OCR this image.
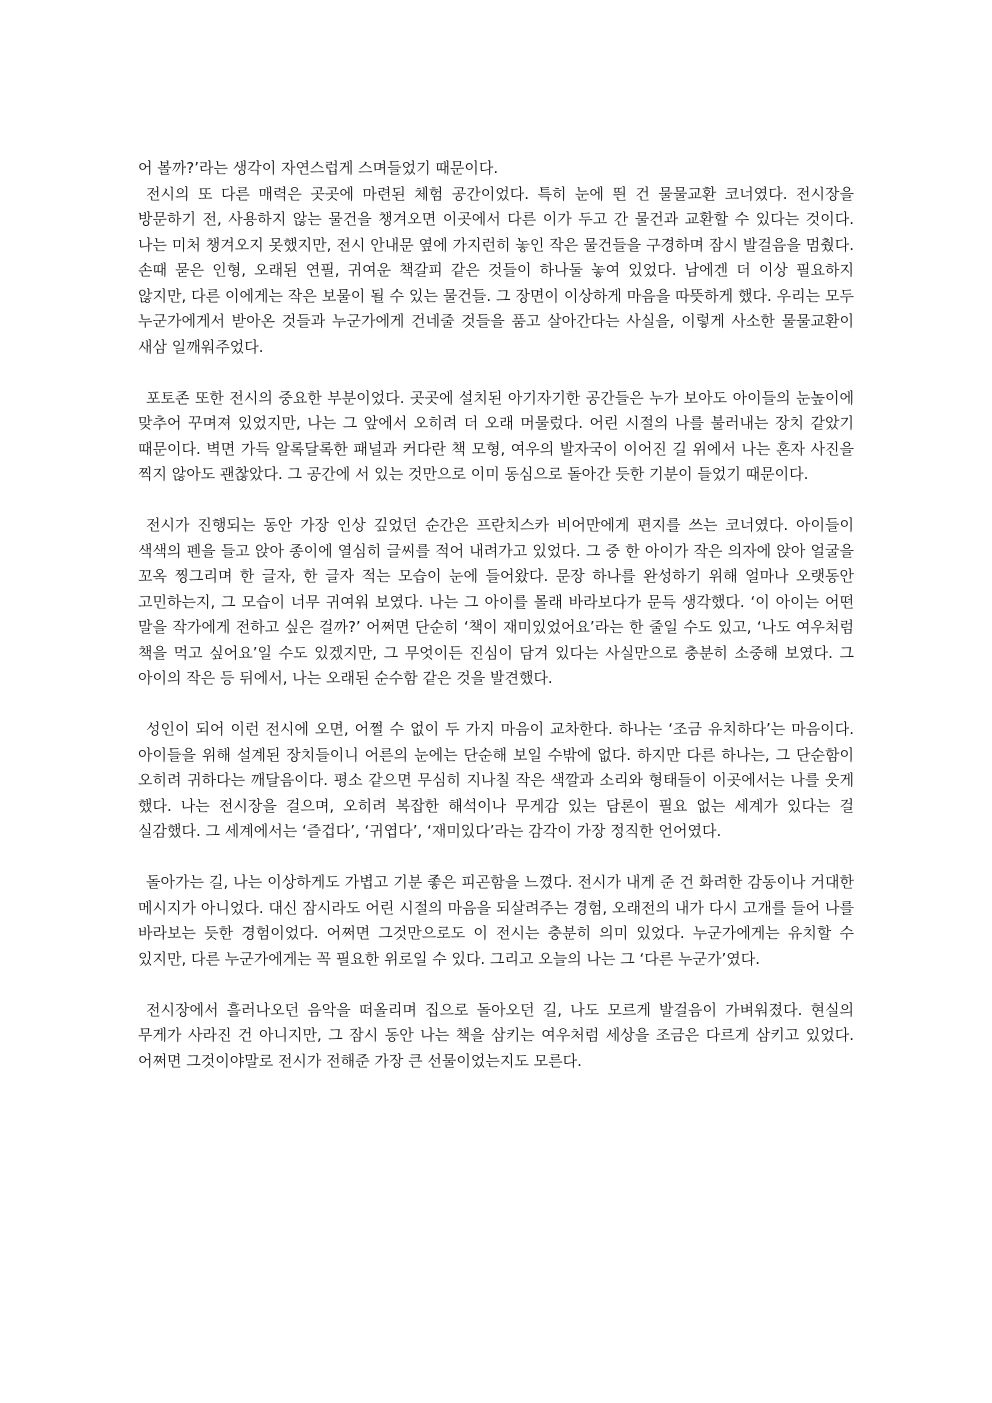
어 볼까?’라는 생각이 자연스럽게 스며들었기 때문이다.

전시의 또 다른 매력은 곳곳에 마련된 체험 공간이었다. 특히 눈에 띈 건 물물교환 코너였다. 전시장을 방문하기 전, 사용하지 않는 물건을 챙겨오면 이곳에서 다른 이가 두고 간 물건과 교환할 수 있다는 것이다. 나는 미처 챙겨오지 못했지만, 전시 안내문 옆에 가지런히 놓인 작은 물건들을 구경하며 잠시 발걸음을 멈췄다. 손때 묻은 인형, 오래된 연필, 귀여운 책갈피 같은 것들이 하나둘 놓여 있었다. 남에겐 더 이상 필요하지 않지만, 다른 이에게는 작은 보물이 될 수 있는 물건들. 그 장면이 이상하게 마음을 따뜻하게 했다. 우리는 모두 누군가에게서 받아온 것들과 누군가에게 건네줄 것들을 품고 살아간다는 사실을, 이렇게 사소한 물물교환이 새삼 일깨워주었다.

포토존 또한 전시의 중요한 부분이었다. 곳곳에 설치된 아기자기한 공간들은 누가 보아도 아이들의 눈높이에 맞추어 꾸며져 있었지만, 나는 그 앞에서 오히려 더 오래 머물렀다. 어린 시절의 나를 불러내는 장치 같았기 때문이다. 벽면 가득 알록달록한 패널과 커다란 책 모형, 여우의 발자국이 이어진 길 위에서 나는 혼자 사진을 찍지 않아도 괜찮았다. 그 공간에 서 있는 것만으로 이미 동심으로 돌아간 듯한 기분이 들었기 때문이다.

전시가 진행되는 동안 가장 인상 깊었던 순간은 프란치스카 비어만에게 편지를 쓰는 코너였다. 아이들이 색색의 펜을 들고 앉아 종이에 열심히 글씨를 적어 내려가고 있었다. 그 중 한 아이가 작은 의자에 앉아 얼굴을 꼬옥 찡그리며 한 글자, 한 글자 적는 모습이 눈에 들어왔다. 문장 하나를 완성하기 위해 얼마나 오랫동안 고민하는지, 그 모습이 너무 귀여워 보였다. 나는 그 아이를 몰래 바라보다가 문득 생각했다. ‘이 아이는 어떤 말을 작가에게 전하고 싶은 걸까?’ 어쩌면 단순히 ‘책이 재미있었어요’라는 한 줄일 수도 있고, ‘나도 여우처럼 책을 먹고 싶어요’일 수도 있겠지만, 그 무엇이든 진심이 담겨 있다는 사실만으로 충분히 소중해 보였다. 그 아이의 작은 등 뒤에서, 나는 오래된 순수함 같은 것을 발견했다.

성인이 되어 이런 전시에 오면, 어쩔 수 없이 두 가지 마음이 교차한다. 하나는 ‘조금 유치하다’는 마음이다. 아이들을 위해 설계된 장치들이니 어른의 눈에는 단순해 보일 수밖에 없다. 하지만 다른 하나는, 그 단순함이 오히려 귀하다는 깨달음이다. 평소 같으면 무심히 지나칠 작은 색깔과 소리와 형태들이 이곳에서는 나를 웃게 했다. 나는 전시장을 걸으며, 오히려 복잡한 해석이나 무게감 있는 담론이 필요 없는 세계가 있다는 걸 실감했다. 그 세계에서는 ‘즐겁다’, ‘귀엽다’, ‘재미있다’라는 감각이 가장 정직한 언어였다.

돌아가는 길, 나는 이상하게도 가볍고 기분 좋은 피곤함을 느꼈다. 전시가 내게 준 건 화려한 감동이나 거대한 메시지가 아니었다. 대신 잠시라도 어린 시절의 마음을 되살려주는 경험, 오래전의 내가 다시 고개를 들어 나를 바라보는 듯한 경험이었다. 어쩌면 그것만으로도 이 전시는 충분히 의미 있었다. 누군가에게는 유치할 수 있지만, 다른 누군가에게는 꼭 필요한 위로일 수 있다. 그리고 오늘의 나는 그 ‘다른 누군가’였다.

전시장에서 흘러나오던 음악을 떠올리며 집으로 돌아오던 길, 나도 모르게 발걸음이 가벼워졌다. 현실의 무게가 사라진 건 아니지만, 그 잠시 동안 나는 책을 삼키는 여우처럼 세상을 조금은 다르게 삼키고 있었다. 어쩌면 그것이야말로 전시가 전해준 가장 큰 선물이었는지도 모른다.
